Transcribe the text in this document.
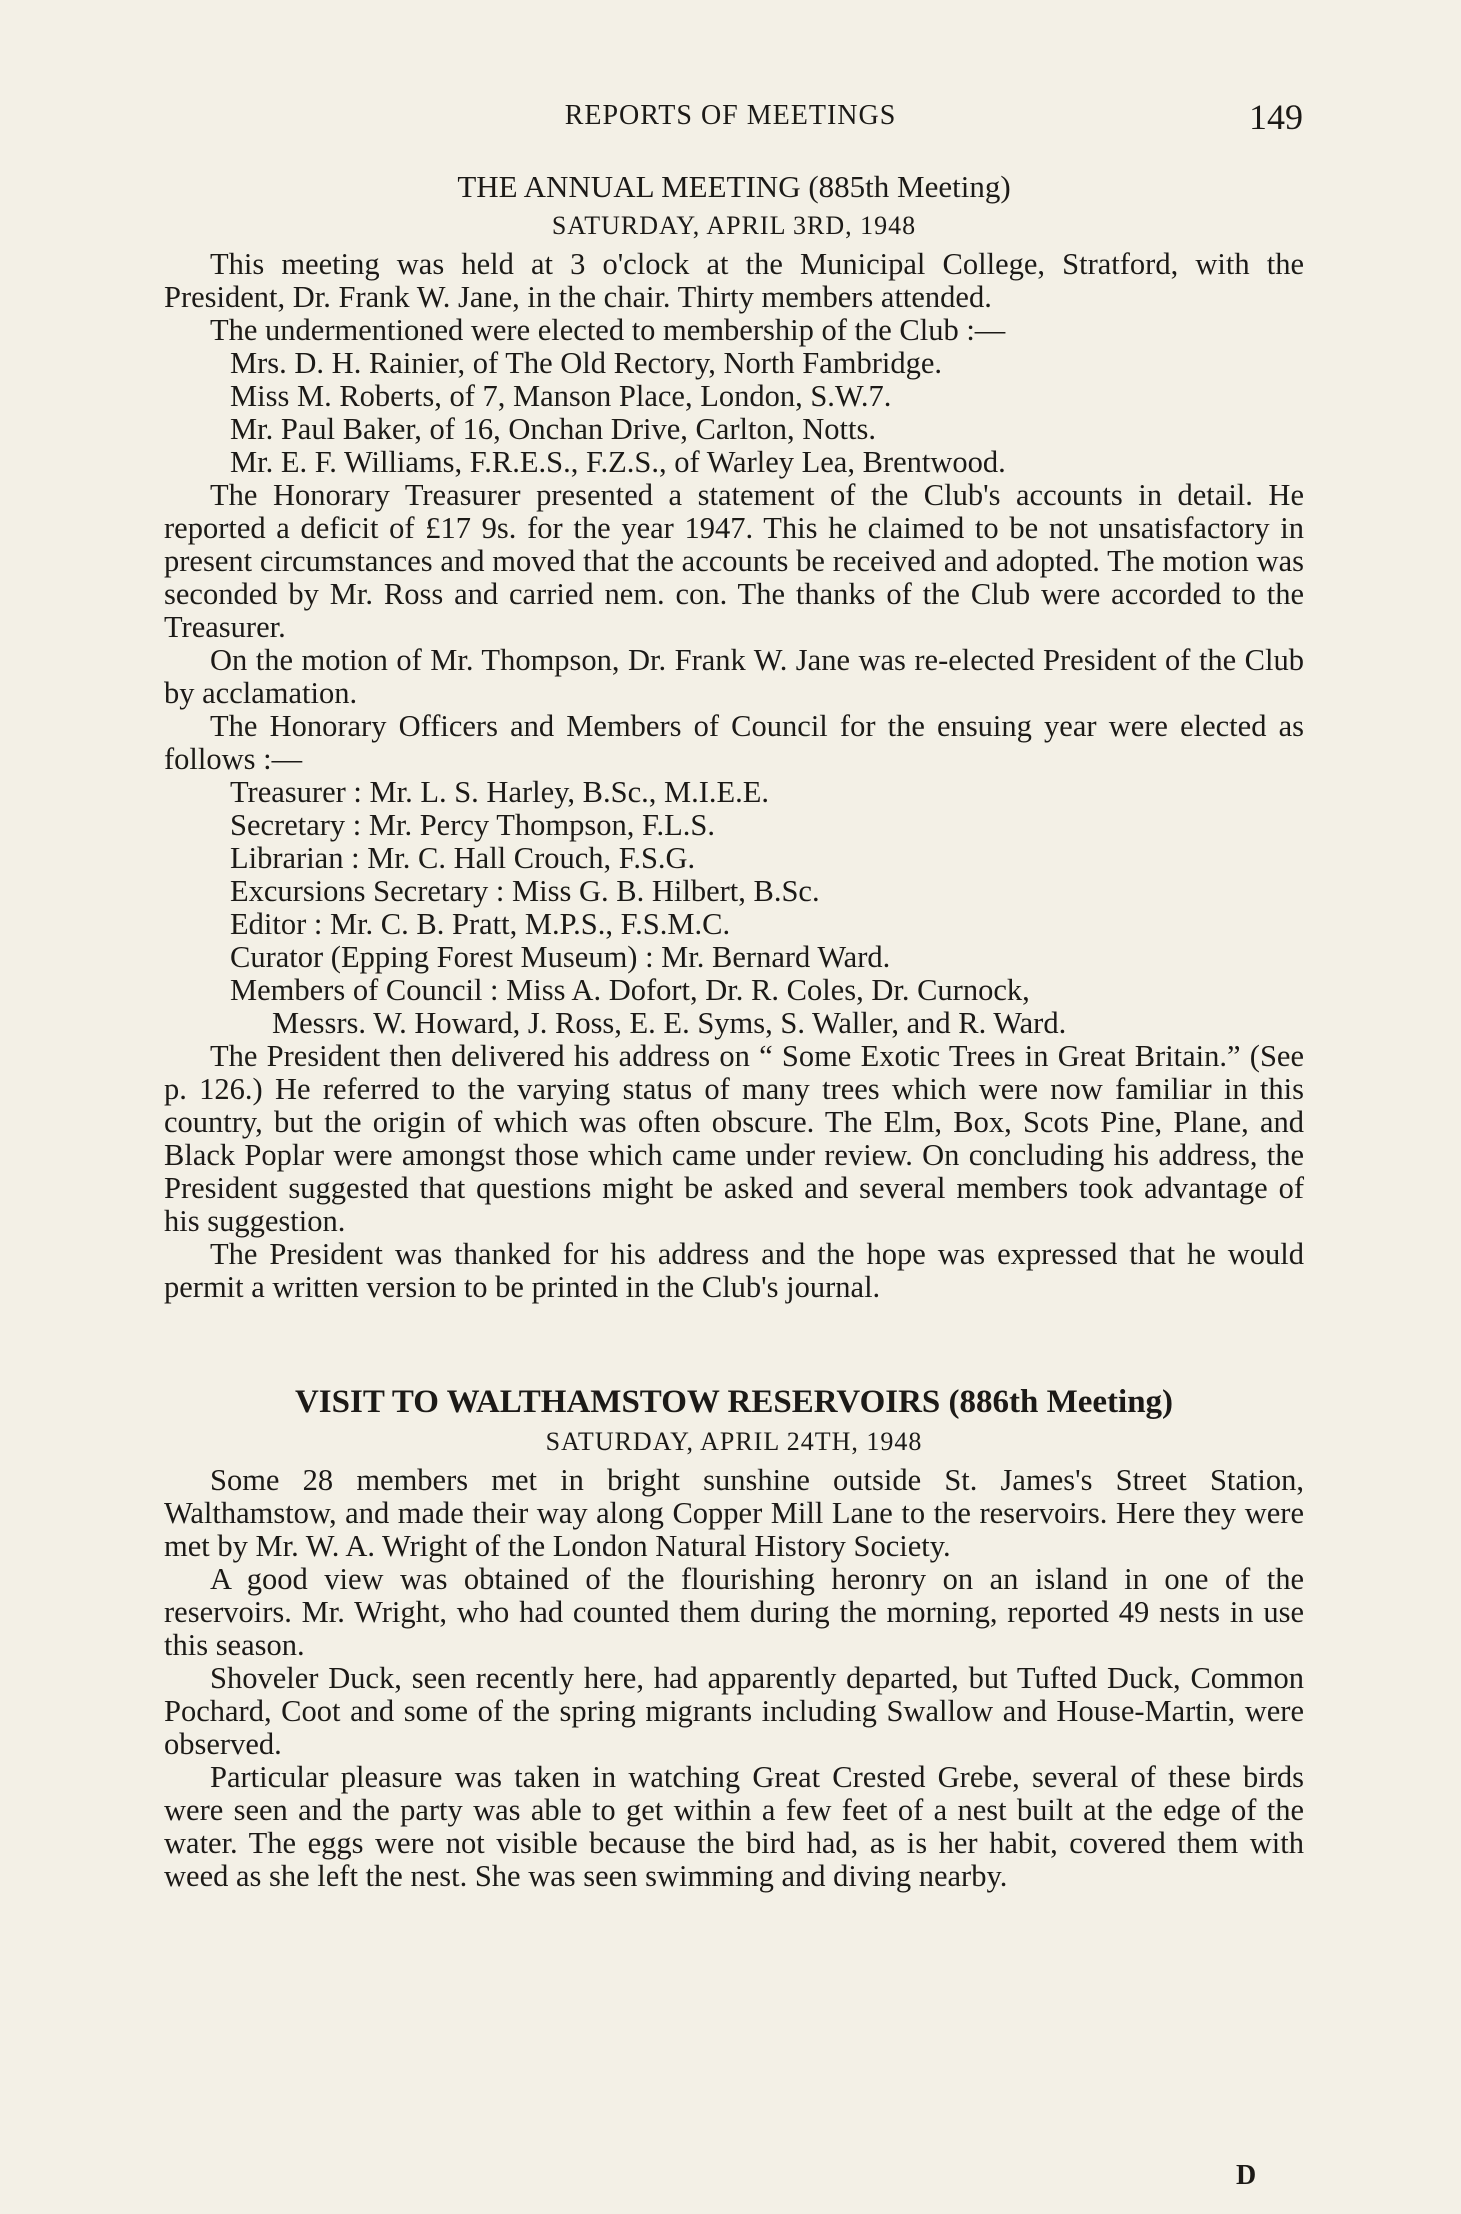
REPORTS OF MEETINGS	149
THE ANNUAL MEETING (885th Meeting)
SATURDAY, APRIL 3RD, 1948

This meeting was held at 3 o'clock at the Municipal College, Stratford, with the President, Dr. Frank W. Jane, in the chair. Thirty members attended.

The undermentioned were elected to membership of the Club :—

Mrs. D. H. Rainier, of The Old Rectory, North Fambridge.
Miss M. Roberts, of 7, Manson Place, London, S.W.7.
Mr. Paul Baker, of 16, Onchan Drive, Carlton, Notts.
Mr. E. F. Williams, F.R.E.S., F.Z.S., of Warley Lea, Brentwood.

The Honorary Treasurer presented a statement of the Club's accounts in detail. He reported a deficit of £17 9s. for the year 1947. This he claimed to be not unsatisfactory in present circumstances and moved that the accounts be received and adopted. The motion was seconded by Mr. Ross and carried nem. con. The thanks of the Club were accorded to the Treasurer.

On the motion of Mr. Thompson, Dr. Frank W. Jane was re-elected President of the Club by acclamation.

The Honorary Officers and Members of Council for the ensuing year were elected as follows :—

Treasurer : Mr. L. S. Harley, B.Sc., M.I.E.E.
Secretary : Mr. Percy Thompson, F.L.S.
Librarian : Mr. C. Hall Crouch, F.S.G.
Excursions Secretary : Miss G. B. Hilbert, B.Sc.
Editor : Mr. C. B. Pratt, M.P.S., F.S.M.C.
Curator (Epping Forest Museum) : Mr. Bernard Ward.
Members of Council : Miss A. Dofort, Dr. R. Coles, Dr. Curnock,
Messrs. W. Howard, J. Ross, E. E. Syms, S. Waller, and R. Ward.

The President then delivered his address on “ Some Exotic Trees in Great Britain.” (See p. 126.) He referred to the varying status of many trees which were now familiar in this country, but the origin of which was often obscure. The Elm, Box, Scots Pine, Plane, and Black Poplar were amongst those which came under review. On concluding his address, the President suggested that questions might be asked and several members took advantage of his suggestion.

The President was thanked for his address and the hope was expressed that he would permit a written version to be printed in the Club's journal.

VISIT TO WALTHAMSTOW RESERVOIRS (886th Meeting)
SATURDAY, APRIL 24TH, 1948

Some 28 members met in bright sunshine outside St. James's Street Station, Walthamstow, and made their way along Copper Mill Lane to the reservoirs. Here they were met by Mr. W. A. Wright of the London Natural History Society.

A good view was obtained of the flourishing heronry on an island in one of the reservoirs. Mr. Wright, who had counted them during the morning, reported 49 nests in use this season.

Shoveler Duck, seen recently here, had apparently departed, but Tufted Duck, Common Pochard, Coot and some of the spring migrants including Swallow and House-Martin, were observed.

Particular pleasure was taken in watching Great Crested Grebe, several of these birds were seen and the party was able to get within a few feet of a nest built at the edge of the water. The eggs were not visible because the bird had, as is her habit, covered them with weed as she left the nest. She was seen swimming and diving nearby.

D
